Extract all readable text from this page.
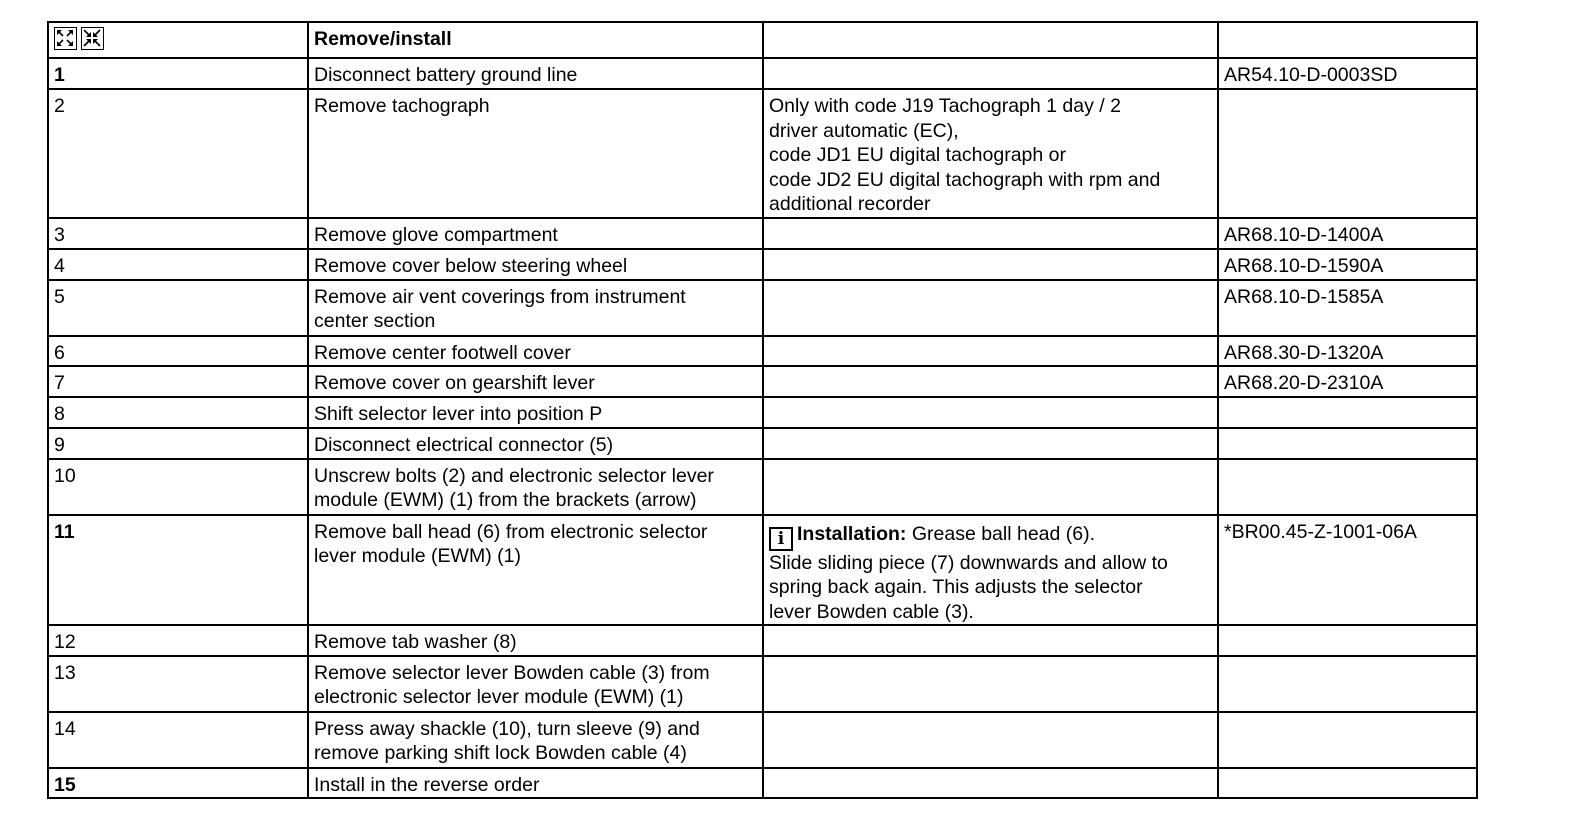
	Remove/install		
1	Disconnect battery ground line		AR54.10-D-0003SD
2	Remove tachograph	Only with code J19 Tachograph 1 day / 2
driver automatic (EC),
code JD1 EU digital tachograph or
code JD2 EU digital tachograph with rpm and
additional recorder	
3	Remove glove compartment		AR68.10-D-1400A
4	Remove cover below steering wheel		AR68.10-D-1590A
5	Remove air vent coverings from instrument
center section		AR68.10-D-1585A
6	Remove center footwell cover		AR68.30-D-1320A
7	Remove cover on gearshift lever		AR68.20-D-2310A
8	Shift selector lever into position P		
9	Disconnect electrical connector (5)		
10	Unscrew bolts (2) and electronic selector lever
module (EWM) (1) from the brackets (arrow)		
11	Remove ball head (6) from electronic selector
lever module (EWM) (1)	i Installation: Grease ball head (6).
Slide sliding piece (7) downwards and allow to
spring back again. This adjusts the selector
lever Bowden cable (3).	*BR00.45-Z-1001-06A
12	Remove tab washer (8)		
13	Remove selector lever Bowden cable (3) from
electronic selector lever module (EWM) (1)		
14	Press away shackle (10), turn sleeve (9) and
remove parking shift lock Bowden cable (4)		
15	Install in the reverse order		
